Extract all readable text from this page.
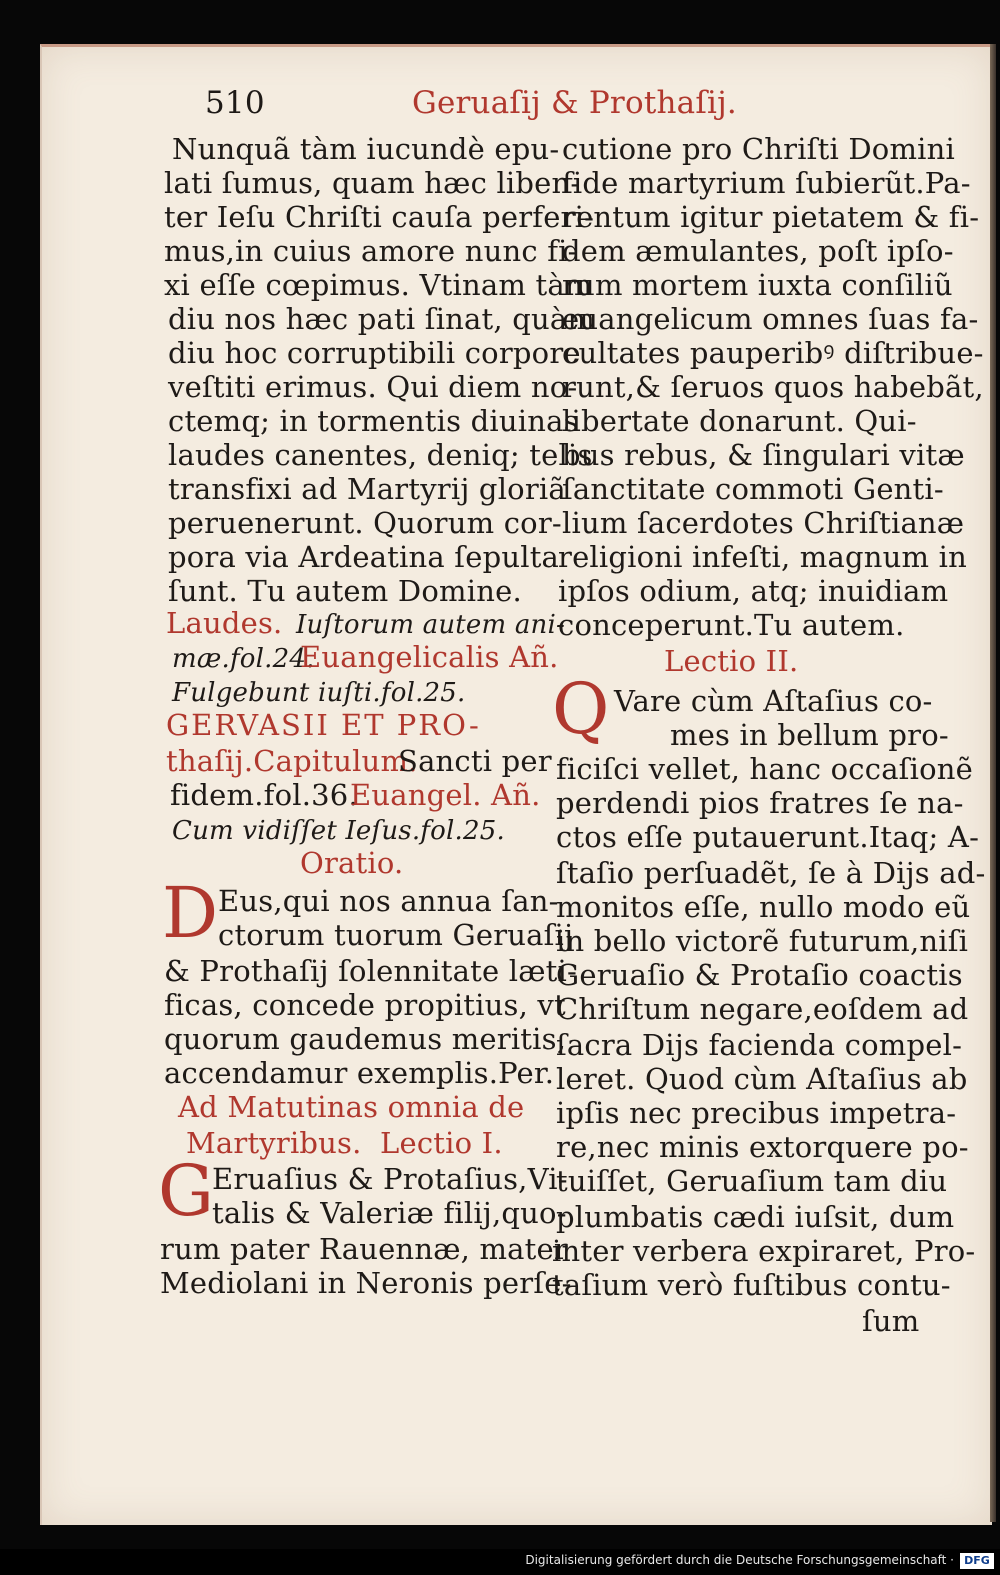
510	Geruaſij & Prothaſij.
Nunquã tàm iucundè epu-
lati ſumus, quam hæc liben-
ter Ieſu Chriſti cauſa perferi-
mus,in cuius amore nunc fi-
xi eſſe cœpimus. Vtinam tàm
diu nos hæc pati ſinat, quàm
diu hoc corruptibili corpore
veſtiti erimus. Qui diem no-
ctemq; in tormentis diuinas
laudes canentes, deniq; telis
transfixi ad Martyrij gloriã
peruenerunt. Quorum cor-
pora via Ardeatina ſepulta
ſunt. Tu autem Domine.
Laudes. Iuſtorum autem ani-
mæ.fol.24.
Euangelicalis Añ.
Fulgebunt iuſti.fol.25.
GERVASII ET PRO-
thaſij.Capitulum.
Sancti per
fidem.fol.36.
Euangel. Añ.
Cum vidiſſet Ieſus.fol.25.
Oratio.
D Eus,qui nos annua ſan-
ctorum tuorum Geruaſij
& Prothaſij ſolennitate læti-
ficas, concede propitius, vt
quorum gaudemus meritis,
accendamur exemplis.Per.
Ad Matutinas omnia de
Martyribus. Lectio I.
G
Eruaſius & Protaſius,Vi-
talis & Valeriæ filij,quo-
rum pater Rauennæ, mater
Mediolani in Neronis perſe-
cutione pro Chriſti Domini
fide martyrium ſubierũt.Pa-
rentum igitur pietatem & fi-
dem æmulantes, poſt ipſo-
rum mortem iuxta conſiliũ
euangelicum omnes ſuas fa-
cultates pauperibꝰ diſtribue-
runt,& ſeruos quos habebãt,
libertate donarunt. Qui-
bus rebus, & ſingulari vitæ
ſanctitate commoti Genti-
lium ſacerdotes Chriſtianæ
religioni infeſti, magnum in
ipſos odium, atq; inuidiam
conceperunt.Tu autem.
Lectio II.
Q Vare cùm Aſtaſius co-
mes in bellum pro-
ficiſci vellet, hanc occaſionẽ
perdendi pios fratres ſe na-
ctos eſſe putauerunt.Itaq; A-
ſtaſio perſuadẽt, ſe à Dijs ad-
monitos eſſe, nullo modo eũ
in bello victorẽ futurum,niſi
Geruaſio & Protaſio coactis
Chriſtum negare,eoſdem ad
ſacra Dijs facienda compel-
leret. Quod cùm Aſtaſius ab
ipſis nec precibus impetra-
re,nec minis extorquere po-
tuiſſet, Geruaſium tam diu
plumbatis cædi iuſsit, dum
inter verbera expiraret, Pro-
taſium verò fuſtibus contu-
ſum
Digitalisierung gefördert durch die Deutsche Forschungsgemeinschaft · DFG
